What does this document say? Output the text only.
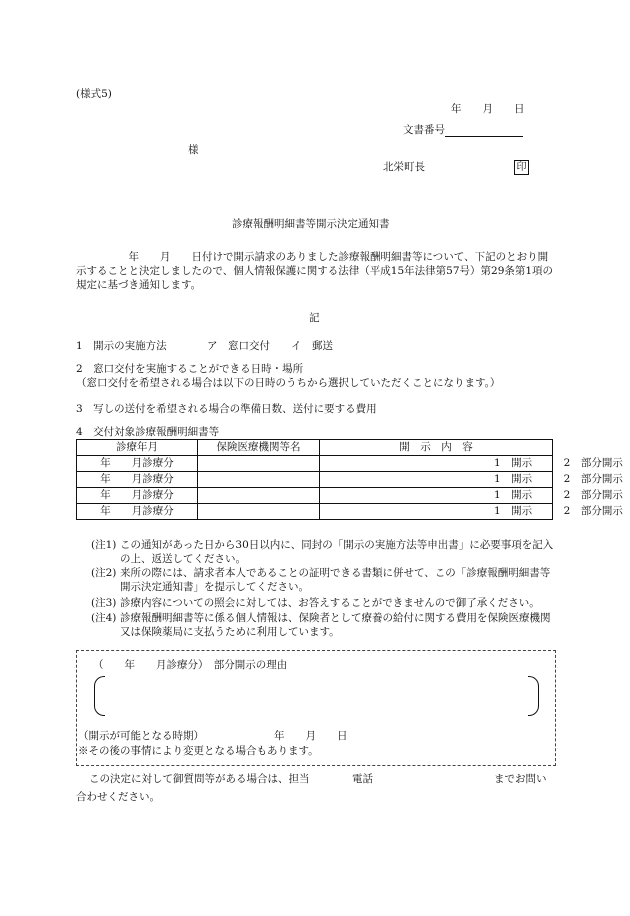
(様式5)
年　　月　　日
文書番号
様
北栄町長	印
診療報酬明細書等開示決定通知書
　　　　　年　　月　　日付けで開示請求のありました診療報酬明細書等について、下記のとおり開示することと決定しましたので、個人情報保護に関する法律（平成15年法律第57号）第29条第1項の規定に基づき通知します。
記
1　開示の実施方法	ア　窓口交付　　イ　郵送
2　窓口交付を実施することができる日時・場所
（窓口交付を希望される場合は以下の日時のうちから選択していただくことになります。）
3　写しの送付を希望される場合の準備日数、送付に要する費用
4　交付対象診療報酬明細書等
診療年月	保険医療機関等名	開　示　内　容
年　　月診療分		1　開示　　　2　部分開示
年　　月診療分		1　開示　　　2　部分開示
年　　月診療分		1　開示　　　2　部分開示
年　　月診療分		1　開示　　　2　部分開示
(注1) この通知があった日から30日以内に、同封の「開示の実施方法等申出書」に必要事項を記入の上、返送してください。
(注2) 来所の際には、請求者本人であることの証明できる書類に併せて、この「診療報酬明細書等開示決定通知書」を提示してください。
(注3) 診療内容についての照会に対しては、お答えすることができませんので御了承ください。
(注4) 診療報酬明細書等に係る個人情報は、保険者として療養の給付に関する費用を保険医療機関又は保険薬局に支払うために利用しています。
（　　年　　月診療分）　部分開示の理由
（開示が可能となる時期）	年　　月　　日
※その後の事情により変更となる場合もあります。
この決定に対して御質問等がある場合は、担当	電話	までお問い
合わせください。
